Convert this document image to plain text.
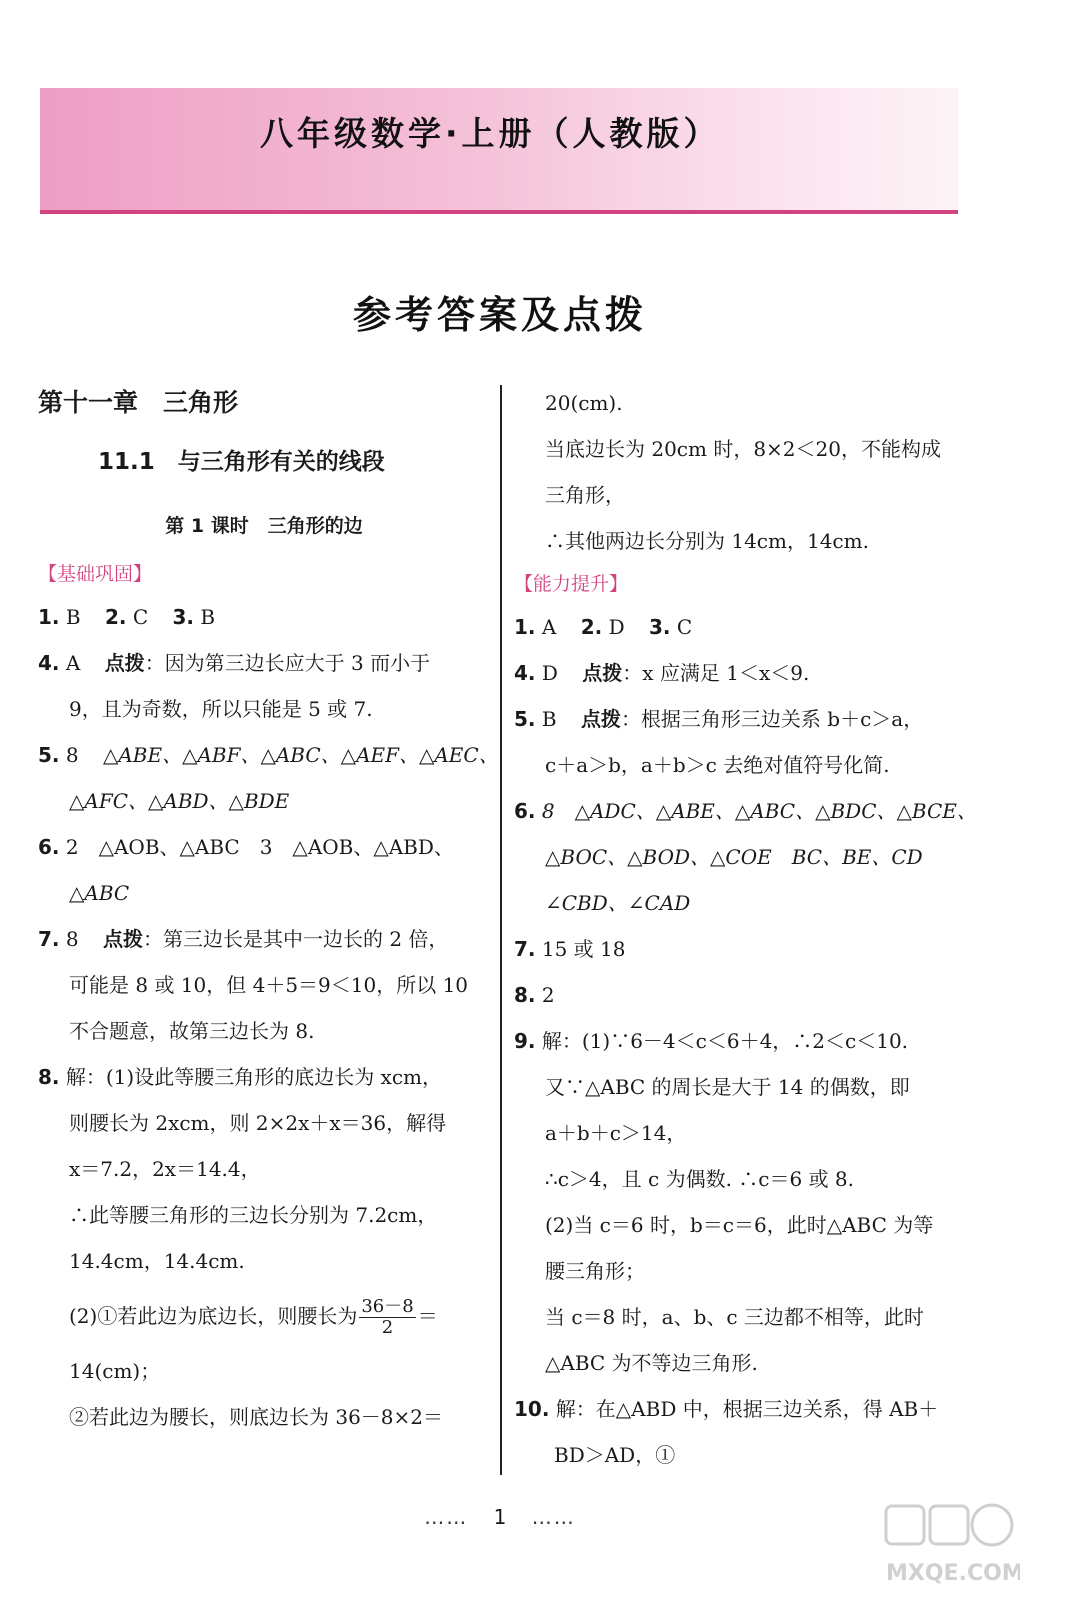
八年级数学·上册（人教版）
参考答案及点拨
第十一章　三角形
11.1　与三角形有关的线段
第 1 课时　三角形的边
【基础巩固】
1. B 2. C 3. B
4. A 点拨：因为第三边长应大于 3 而小于
9，且为奇数，所以只能是 5 或 7.
5. 8 △ABE、△ABF、△ABC、△AEF、△AEC、
△AFC、△ABD、△BDE
6. 2　△AOB、△ABC　3　△AOB、△ABD、
△ABC
7. 8 点拨：第三边长是其中一边长的 2 倍，
可能是 8 或 10，但 4＋5＝9＜10，所以 10
不合题意，故第三边长为 8.
8. 解：(1)设此等腰三角形的底边长为 xcm，
则腰长为 2xcm，则 2×2x＋x＝36，解得
x＝7.2，2x＝14.4，
∴此等腰三角形的三边长分别为 7.2cm，
14.4cm，14.4cm.
(2)①若此边为底边长，则腰长为 $\frac{36-8}{2}$ ＝
14(cm)；
②若此边为腰长，则底边长为 36－8×2＝
20(cm).
当底边长为 20cm 时，8×2＜20，不能构成
三角形，
∴其他两边长分别为 14cm，14cm.
【能力提升】
1. A 2. D 3. C
4. D 点拨：x 应满足 1＜x＜9.
5. B 点拨：根据三角形三边关系 b＋c＞a，
c＋a＞b，a＋b＞c 去绝对值符号化简.
6. 8　△ADC、△ABE、△ABC、△BDC、△BCE、
△BOC、△BOD、△COE　BC、BE、CD
∠CBD、∠CAD
7. 15 或 18
8. 2
9. 解：(1)∵6－4＜c＜6＋4，∴2＜c＜10.
又∵△ABC 的周长是大于 14 的偶数，即
a＋b＋c＞14，
∴c＞4，且 c 为偶数. ∴c＝6 或 8.
(2)当 c＝6 时，b＝c＝6，此时△ABC 为等
腰三角形；
当 c＝8 时，a、b、c 三边都不相等，此时
△ABC 为不等边三角形.
10. 解：在△ABD 中，根据三边关系，得 AB＋
BD＞AD，①
…… 1 ……
MXQE.COM
